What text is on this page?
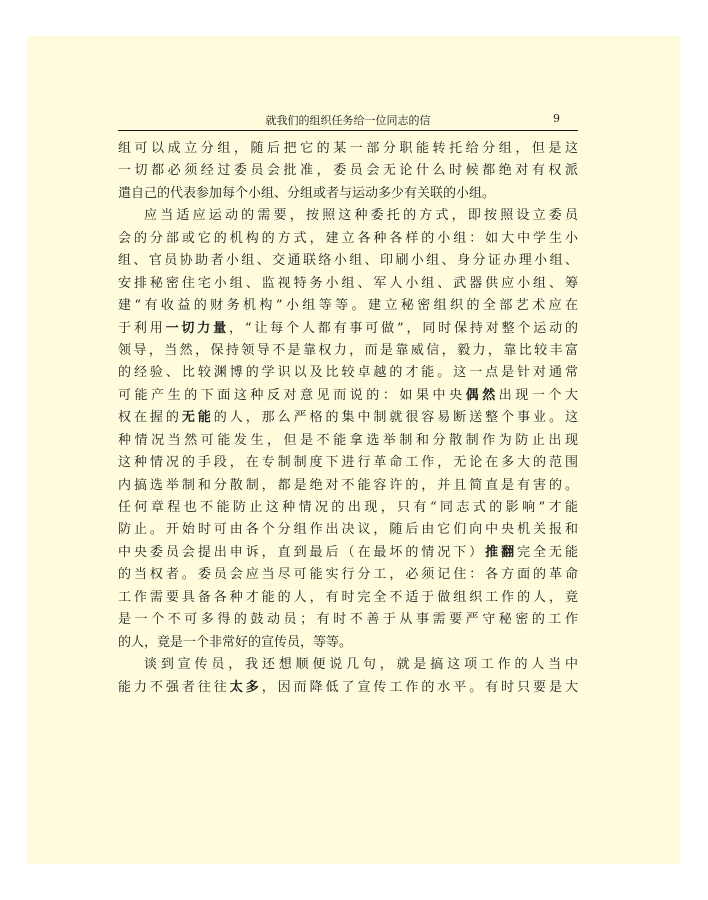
就我们的组织任务给一位同志的信	9
组可以成立分组，随后把它的某一部分职能转托给分组，但是这
一切都必须经过委员会批准，委员会无论什么时候都绝对有权派
遣自己的代表参加每个小组、分组或者与运动多少有关联的小组。
应当适应运动的需要，按照这种委托的方式，即按照设立委员
会的分部或它的机构的方式，建立各种各样的小组：如大中学生小
组、官员协助者小组、交通联络小组、印刷小组、身分证办理小组、
安排秘密住宅小组、监视特务小组、军人小组、武器供应小组、筹
建“有收益的财务机构”小组等等。建立秘密组织的全部艺术应在
于利用一切力量，“让每个人都有事可做”，同时保持对整个运动的
领导，当然，保持领导不是靠权力，而是靠威信，毅力，靠比较丰富
的经验、比较渊博的学识以及比较卓越的才能。这一点是针对通常
可能产生的下面这种反对意见而说的：如果中央偶然出现一个大
权在握的无能的人，那么严格的集中制就很容易断送整个事业。这
种情况当然可能发生，但是不能拿选举制和分散制作为防止出现
这种情况的手段，在专制制度下进行革命工作，无论在多大的范围
内搞选举制和分散制，都是绝对不能容许的，并且简直是有害的。
任何章程也不能防止这种情况的出现，只有“同志式的影响”才能
防止。开始时可由各个分组作出决议，随后由它们向中央机关报和
中央委员会提出申诉，直到最后（在最坏的情况下）推翻完全无能
的当权者。委员会应当尽可能实行分工，必须记住：各方面的革命
工作需要具备各种才能的人，有时完全不适于做组织工作的人，竟
是一个不可多得的鼓动员；有时不善于从事需要严守秘密的工作
的人，竟是一个非常好的宣传员，等等。
谈到宣传员，我还想顺便说几句，就是搞这项工作的人当中
能力不强者往往太多，因而降低了宣传工作的水平。有时只要是大
